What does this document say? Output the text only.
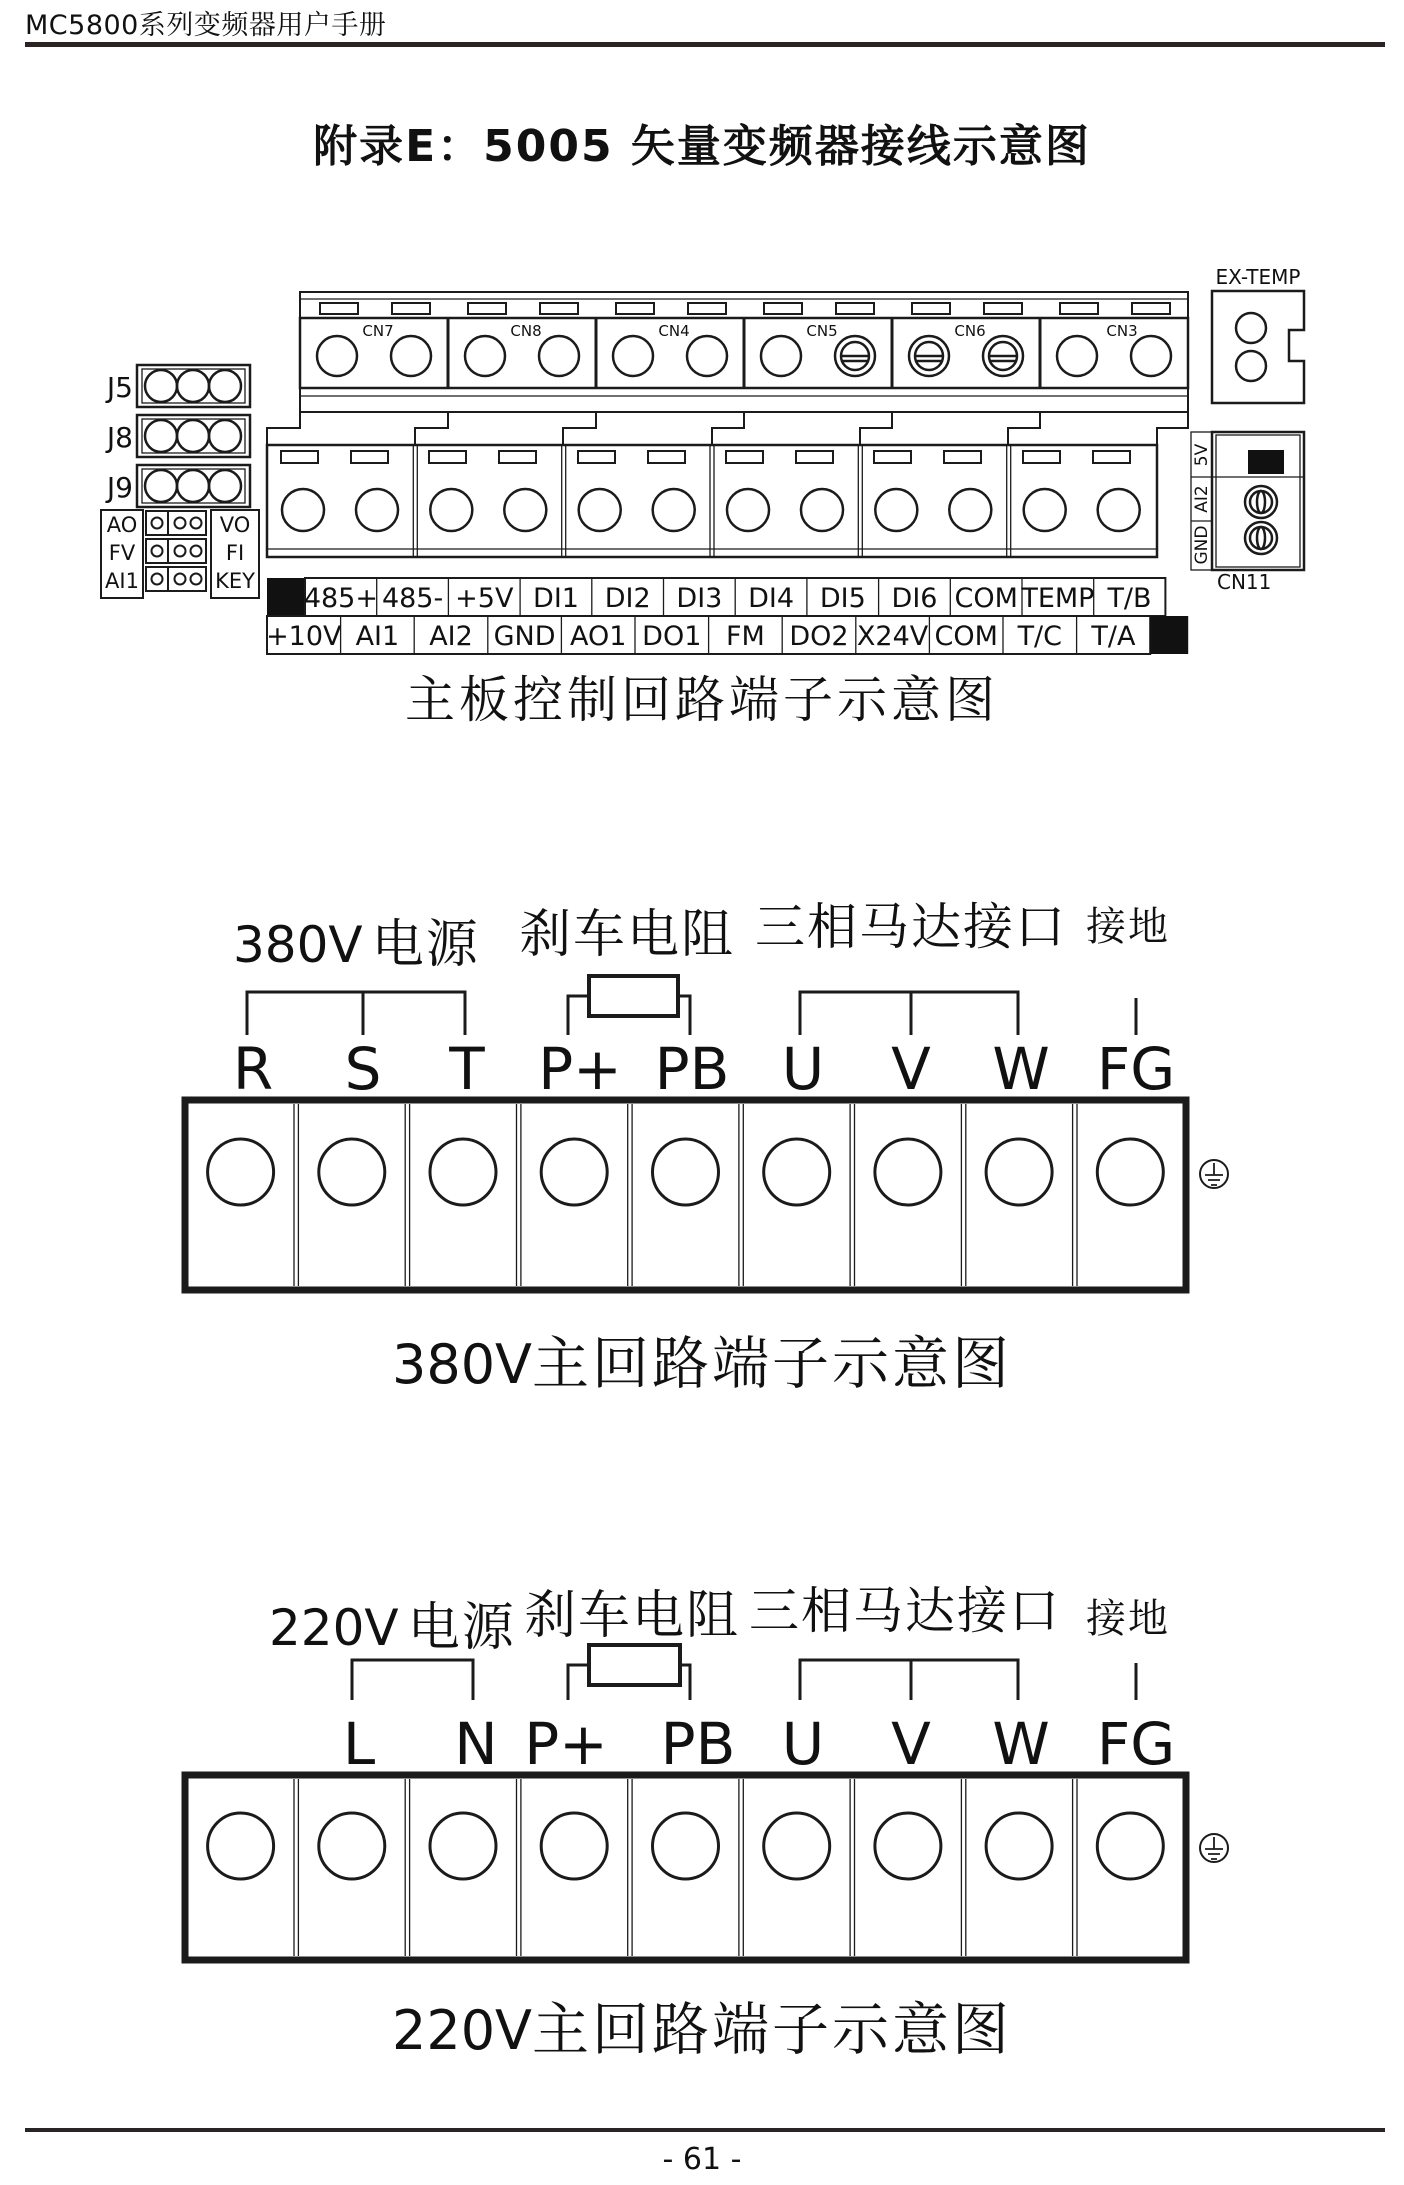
MC5800系列变频器用户手册
附录E：5005 矢量变频器接线示意图
CN7	CN8	CN4	CN5	CN6	CN3
485+ 485- +5V DI1 DI2 DI3 DI4 DI5 DI6 COM TEMP T/B
+10V AI1 AI2 GND AO1 DO1 FM DO2 X24V COM T/C T/A
J5
J8
J9
AO
FV
AI1
VO
FI
KEY
EX-TEMP
5V
AI2
GND
CN11
主板控制回路端子示意图
380V 电源 刹车电阻 三相马达接口 接地
R S T P+ PB U V W FG
380V主回路端子示意图
220V 电源 刹车电阻 三相马达接口 接地
L N P+ PB U V W FG
220V主回路端子示意图
- 61 -
